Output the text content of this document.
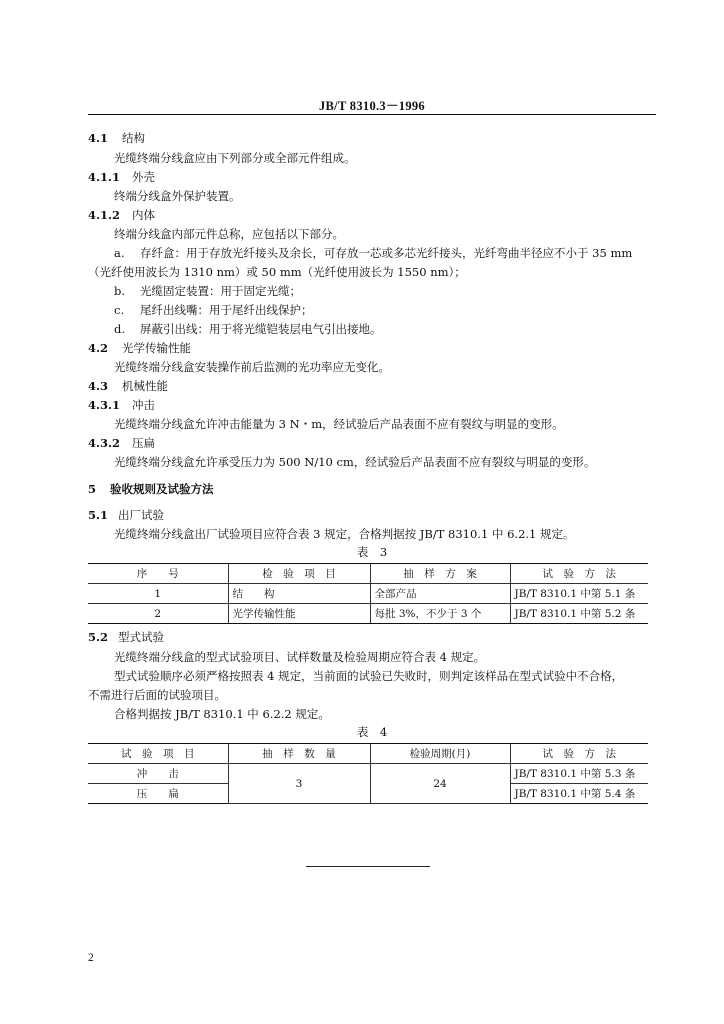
JB/T 8310.3－1996
4.1 结构
光缆终端分线盒应由下列部分或全部元件组成。
4.1.1 外壳
终端分线盒外保护装置。
4.1.2 内体
终端分线盒内部元件总称，应包括以下部分。
a. 存纤盒：用于存放光纤接头及余长，可存放一芯或多芯光纤接头，光纤弯曲半径应不小于 35 mm
（光纤使用波长为 1310 nm）或 50 mm（光纤使用波长为 1550 nm）；
b. 光缆固定装置：用于固定光缆；
c. 尾纤出线嘴：用于尾纤出线保护；
d. 屏蔽引出线：用于将光缆铠装层电气引出接地。
4.2 光学传输性能
光缆终端分线盒安装操作前后监测的光功率应无变化。
4.3 机械性能
4.3.1 冲击
光缆终端分线盒允许冲击能量为 3 N・m，经试验后产品表面不应有裂纹与明显的变形。
4.3.2 压扁
光缆终端分线盒允许承受压力为 500 N/10 cm，经试验后产品表面不应有裂纹与明显的变形。
5 验收规则及试验方法
5.1 出厂试验
光缆终端分线盒出厂试验项目应符合表 3 规定，合格判据按 JB/T 8310.1 中 6.2.1 规定。
表　3
序　　号	检　验　项　目	抽　样　方　案	试　验　方　法
1	结　　构	全部产品	JB/T 8310.1 中第 5.1 条
2	光学传输性能	每批 3%，不少于 3 个	JB/T 8310.1 中第 5.2 条
5.2 型式试验
光缆终端分线盒的型式试验项目、试样数量及检验周期应符合表 4 规定。
型式试验顺序必须严格按照表 4 规定，当前面的试验已失败时，则判定该样品在型式试验中不合格，
不需进行后面的试验项目。
合格判据按 JB/T 8310.1 中 6.2.2 规定。
表　4
试　验　项　目	抽　样　数　量	检验周期(月)	试　验　方　法
冲　　击	3	24	JB/T 8310.1 中第 5.3 条
压　　扁			JB/T 8310.1 中第 5.4 条
2
